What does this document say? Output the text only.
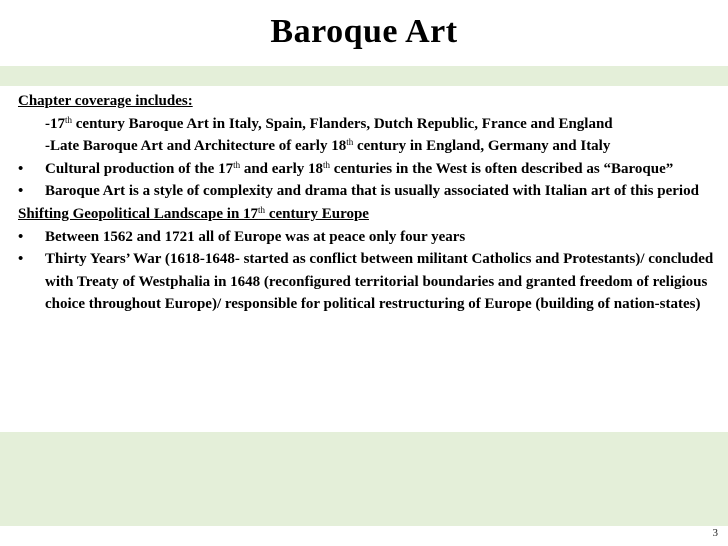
Baroque Art
Chapter coverage includes:
-17th century Baroque Art in Italy, Spain, Flanders, Dutch Republic, France and England
-Late Baroque Art and Architecture of early 18th century in England, Germany and Italy
•	Cultural production of the 17th and early 18th centuries in the West is often described as “Baroque”
•	Baroque Art is a style of complexity and drama that is usually associated with Italian art of this period
Shifting Geopolitical Landscape in 17th century Europe
•	Between 1562 and 1721 all of Europe was at peace only four years
•	Thirty Years’ War (1618-1648- started as conflict between militant Catholics and Protestants)/ concluded with Treaty of Westphalia in 1648 (reconfigured territorial boundaries and granted freedom of religious choice throughout Europe)/ responsible for political restructuring of Europe (building of nation-states)
3
